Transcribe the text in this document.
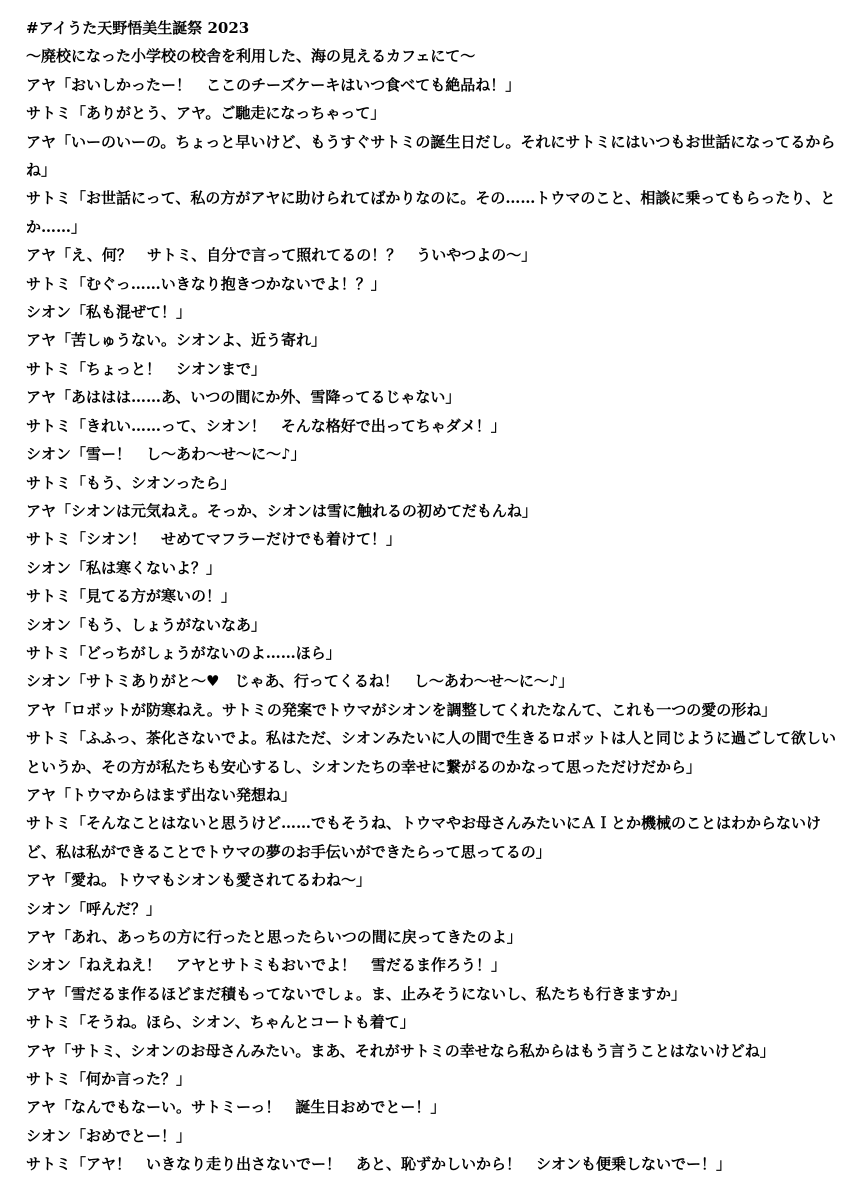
#アイうた天野悟美生誕祭 2023

～廃校になった小学校の校舎を利用した、海の見えるカフェにて～

アヤ「おいしかったー！　ここのチーズケーキはいつ食べても絶品ね！」

サトミ「ありがとう、アヤ。ご馳走になっちゃって」

アヤ「いーのいーの。ちょっと早いけど、もうすぐサトミの誕生日だし。それにサトミにはいつもお世話になってるからね」

サトミ「お世話にって、私の方がアヤに助けられてばかりなのに。その……トウマのこと、相談に乗ってもらったり、とか……」

アヤ「え、何？　サトミ、自分で言って照れてるの！？　ういやつよの～」

サトミ「むぐっ……いきなり抱きつかないでよ！？」

シオン「私も混ぜて！」

アヤ「苦しゅうない。シオンよ、近う寄れ」

サトミ「ちょっと！　シオンまで」

アヤ「あははは……あ、いつの間にか外、雪降ってるじゃない」

サトミ「きれい……って、シオン！　そんな格好で出ってちゃダメ！」

シオン「雪ー！　し～あわ～せ～に～♪」

サトミ「もう、シオンったら」

アヤ「シオンは元気ねえ。そっか、シオンは雪に触れるの初めてだもんね」

サトミ「シオン！　せめてマフラーだけでも着けて！」

シオン「私は寒くないよ？」

サトミ「見てる方が寒いの！」

シオン「もう、しょうがないなあ」

サトミ「どっちがしょうがないのよ……ほら」

シオン「サトミありがと～♥　じゃあ、行ってくるね！　し～あわ～せ～に～♪」

アヤ「ロボットが防寒ねえ。サトミの発案でトウマがシオンを調整してくれたなんて、これも一つの愛の形ね」

サトミ「ふふっ、茶化さないでよ。私はただ、シオンみたいに人の間で生きるロボットは人と同じように過ごして欲しいというか、その方が私たちも安心するし、シオンたちの幸せに繋がるのかなって思っただけだから」

アヤ「トウマからはまず出ない発想ね」

サトミ「そんなことはないと思うけど……でもそうね、トウマやお母さんみたいにＡＩとか機械のことはわからないけど、私は私ができることでトウマの夢のお手伝いができたらって思ってるの」

アヤ「愛ね。トウマもシオンも愛されてるわね～」

シオン「呼んだ？」

アヤ「あれ、あっちの方に行ったと思ったらいつの間に戻ってきたのよ」

シオン「ねえねえ！　アヤとサトミもおいでよ！　雪だるま作ろう！」

アヤ「雪だるま作るほどまだ積もってないでしょ。ま、止みそうにないし、私たちも行きますか」

サトミ「そうね。ほら、シオン、ちゃんとコートも着て」

アヤ「サトミ、シオンのお母さんみたい。まあ、それがサトミの幸せなら私からはもう言うことはないけどね」

サトミ「何か言った？」

アヤ「なんでもなーい。サトミーっ！　誕生日おめでとー！」

シオン「おめでとー！」

サトミ「アヤ！　いきなり走り出さないでー！　あと、恥ずかしいから！　シオンも便乗しないでー！」
